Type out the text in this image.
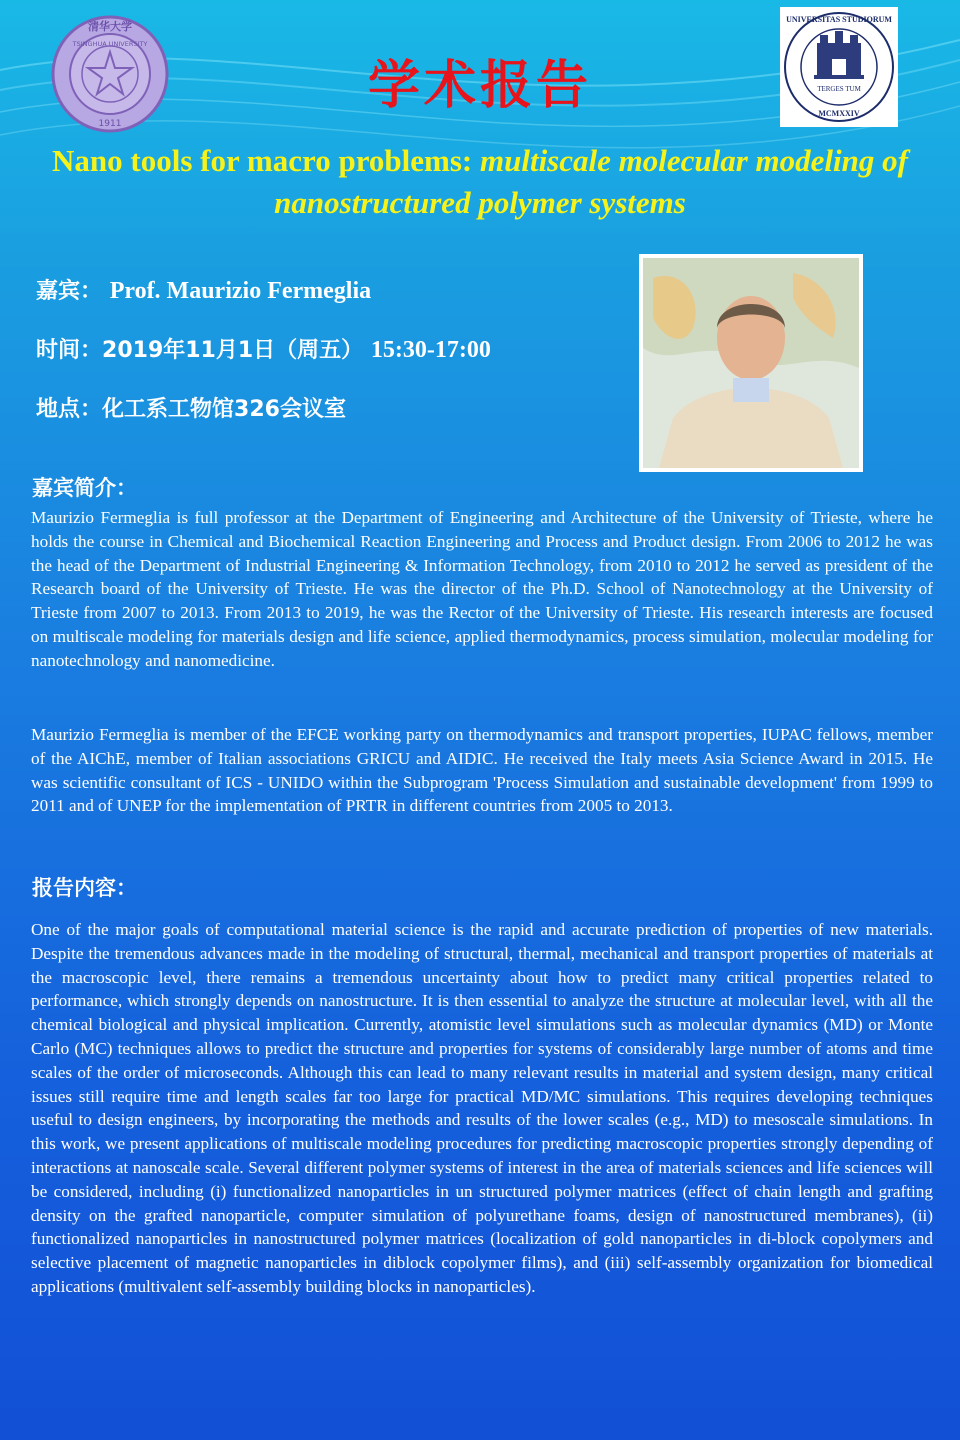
清华大学
TSINGHUA UNIVERSITY
1911
UNIVERSITAS STUDIORUM
TERGES TUM
MCMXXIV
学术报告
Nano tools for macro problems: multiscale molecular modeling of nanostructured polymer systems
嘉宾： Prof. Maurizio Fermeglia
时间：2019年11月1日（周五） 15:30-17:00
地点：化工系工物馆326会议室
嘉宾简介：

Maurizio Fermeglia is full professor at the Department of Engineering and Architecture of the University of Trieste, where he holds the course in Chemical and Biochemical Reaction Engineering and Process and Product design. From 2006 to 2012 he was the head of the Department of Industrial Engineering & Information Technology, from 2010 to 2012 he served as president of the Research board of the University of Trieste. He was the director of the Ph.D. School of Nanotechnology at the University of Trieste from 2007 to 2013. From 2013 to 2019, he was the Rector of the University of Trieste. His research interests are focused on multiscale modeling for materials design and life science, applied thermodynamics, process simulation, molecular modeling for nanotechnology and nanomedicine.

Maurizio Fermeglia is member of the EFCE working party on thermodynamics and transport properties, IUPAC fellows, member of the AIChE, member of Italian associations GRICU and AIDIC. He received the Italy meets Asia Science Award in 2015. He was scientific consultant of ICS - UNIDO within the Subprogram 'Process Simulation and sustainable development' from 1999 to 2011 and of UNEP for the implementation of PRTR in different countries from 2005 to 2013.

报告内容：

One of the major goals of computational material science is the rapid and accurate prediction of properties of new materials. Despite the tremendous advances made in the modeling of structural, thermal, mechanical and transport properties of materials at the macroscopic level, there remains a tremendous uncertainty about how to predict many critical properties related to performance, which strongly depends on nanostructure. It is then essential to analyze the structure at molecular level, with all the chemical biological and physical implication. Currently, atomistic level simulations such as molecular dynamics (MD) or Monte Carlo (MC) techniques allows to predict the structure and properties for systems of considerably large number of atoms and time scales of the order of microseconds. Although this can lead to many relevant results in material and system design, many critical issues still require time and length scales far too large for practical MD/MC simulations. This requires developing techniques useful to design engineers, by incorporating the methods and results of the lower scales (e.g., MD) to mesoscale simulations. In this work, we present applications of multiscale modeling procedures for predicting macroscopic properties strongly depending of interactions at nanoscale scale. Several different polymer systems of interest in the area of materials sciences and life sciences will be considered, including (i) functionalized nanoparticles in un structured polymer matrices (effect of chain length and grafting density on the grafted nanoparticle, computer simulation of polyurethane foams, design of nanostructured membranes), (ii) functionalized nanoparticles in nanostructured polymer matrices (localization of gold nanoparticles in di-block copolymers and selective placement of magnetic nanoparticles in diblock copolymer films), and (iii) self-assembly organization for biomedical applications (multivalent self-assembly building blocks in nanoparticles).
